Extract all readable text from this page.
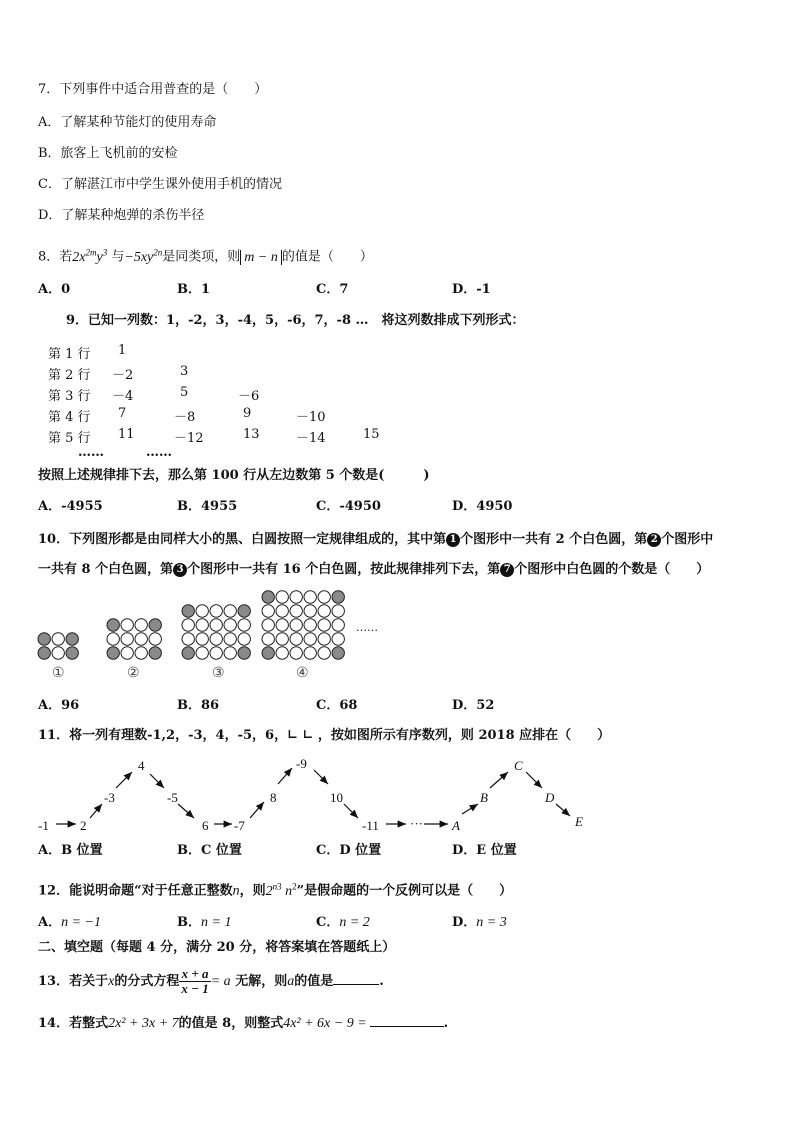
7．下列事件中适合用普查的是（　　）
A．了解某种节能灯的使用寿命
B．旅客上飞机前的安检
C．了解湛江市中学生课外使用手机的情况
D．了解某种炮弹的杀伤半径
8．若$2x^{2m}y^3$ 与$-5xy^{2n}$是同类项，则 m − n 的值是（　　）
A．0	B．1	C．7	D．-1
9．已知一列数：1，-2，3，-4，5，-6，7，-8 …　将这列数排成下列形式：
第 1 行 1
第 2 行 －2	3
第 3 行 －4	5	－6
第 4 行 7	－8	9	－10
第 5 行 11	－12	13	－14	15
……	……
按照上述规律排下去，那么第 100 行从左边数第 5 个数是(　　　)
A．-4955	B．4955	C．-4950	D．4950
10．下列图形都是由同样大小的黑、白圆按照一定规律组成的，其中第 1 个图形中一共有 2 个白色圆，第 2 个图形中
一共有 8 个白色圆，第 3 个图形中一共有 16 个白色圆，按此规律排列下去，第 7 个图形中白色圆的个数是（　　）
①	②	③	④
……
A．96	B．86	C．68	D．52
11．将一列有理数-1,2，-3，4，-5，6，∟ ∟ ，按如图所示有序数列，则 2018 应排在（　　）
-1 2
-3
4
-5
6 -7
8
-9
10
-11 ··· A
B
C
D
E
A．B 位置	B．C 位置	C．D 位置	D．E 位置
12．能说明命题“对于任意正整数n，则$2^{n3}$ $n^2$”是假命题的一个反例可以是（　　）
A．n = −1	B．n = 1	C．n = 2	D．n = 3
二、填空题（每题 4 分，满分 20 分，将答案填在答题纸上）
13．若关于x的分式方程 $\frac{x + a}{x - 1} = a$ 无解，则a的值是	.
14．若整式2x² + 3x + 7的值是 8，则整式4x² + 6x − 9 =	.
